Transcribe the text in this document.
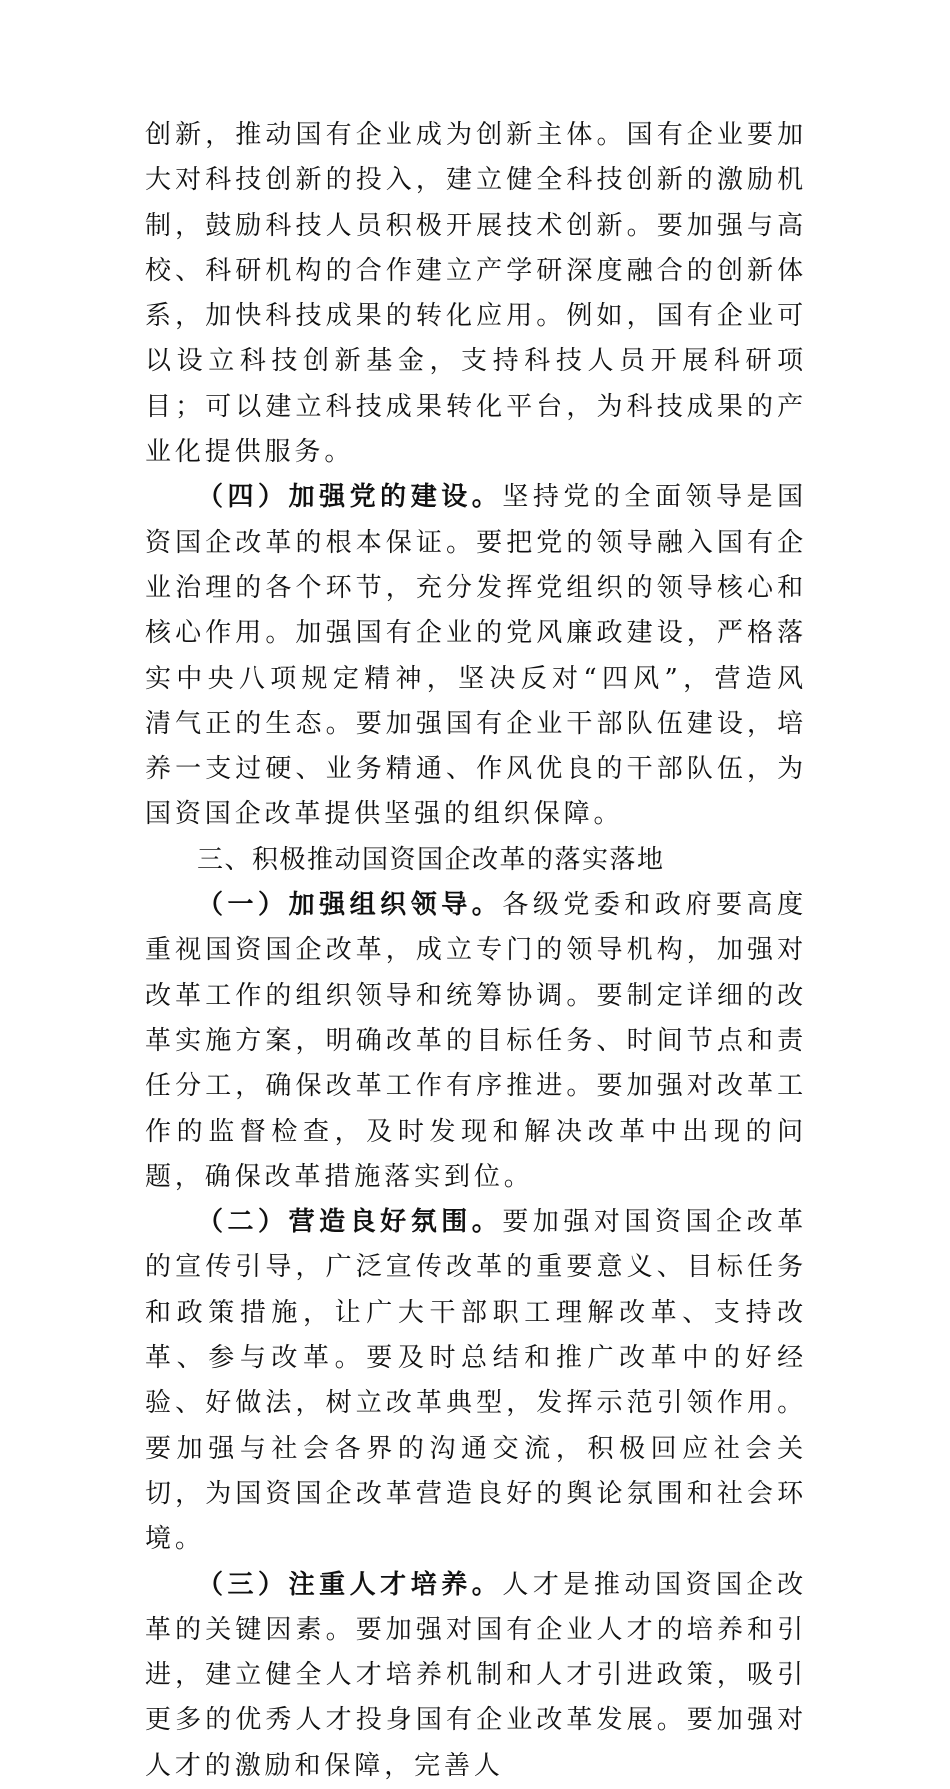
创新，推动国有企业成为创新主体。国有企业要加大对科技创新的投入，建立健全科技创新的激励机制，鼓励科技人员积极开展技术创新。要加强与高校、科研机构的合作建立产学研深度融合的创新体系，加快科技成果的转化应用。例如，国有企业可以设立科技创新基金，支持科技人员开展科研项目；可以建立科技成果转化平台，为科技成果的产业化提供服务。

（四）加强党的建设。坚持党的全面领导是国资国企改革的根本保证。要把党的领导融入国有企业治理的各个环节，充分发挥党组织的领导核心和核心作用。加强国有企业的党风廉政建设，严格落实中央八项规定精神，坚决反对“四风”，营造风清气正的生态。要加强国有企业干部队伍建设，培养一支过硬、业务精通、作风优良的干部队伍，为国资国企改革提供坚强的组织保障。

三、积极推动国资国企改革的落实落地

（一）加强组织领导。各级党委和政府要高度重视国资国企改革，成立专门的领导机构，加强对改革工作的组织领导和统筹协调。要制定详细的改革实施方案，明确改革的目标任务、时间节点和责任分工，确保改革工作有序推进。要加强对改革工作的监督检查，及时发现和解决改革中出现的问题，确保改革措施落实到位。

（二）营造良好氛围。要加强对国资国企改革的宣传引导，广泛宣传改革的重要意义、目标任务和政策措施，让广大干部职工理解改革、支持改革、参与改革。要及时总结和推广改革中的好经验、好做法，树立改革典型，发挥示范引领作用。要加强与社会各界的沟通交流，积极回应社会关切，为国资国企改革营造良好的舆论氛围和社会环境。

（三）注重人才培养。人才是推动国资国企改革的关键因素。要加强对国有企业人才的培养和引进，建立健全人才培养机制和人才引进政策，吸引更多的优秀人才投身国有企业改革发展。要加强对人才的激励和保障，完善人
